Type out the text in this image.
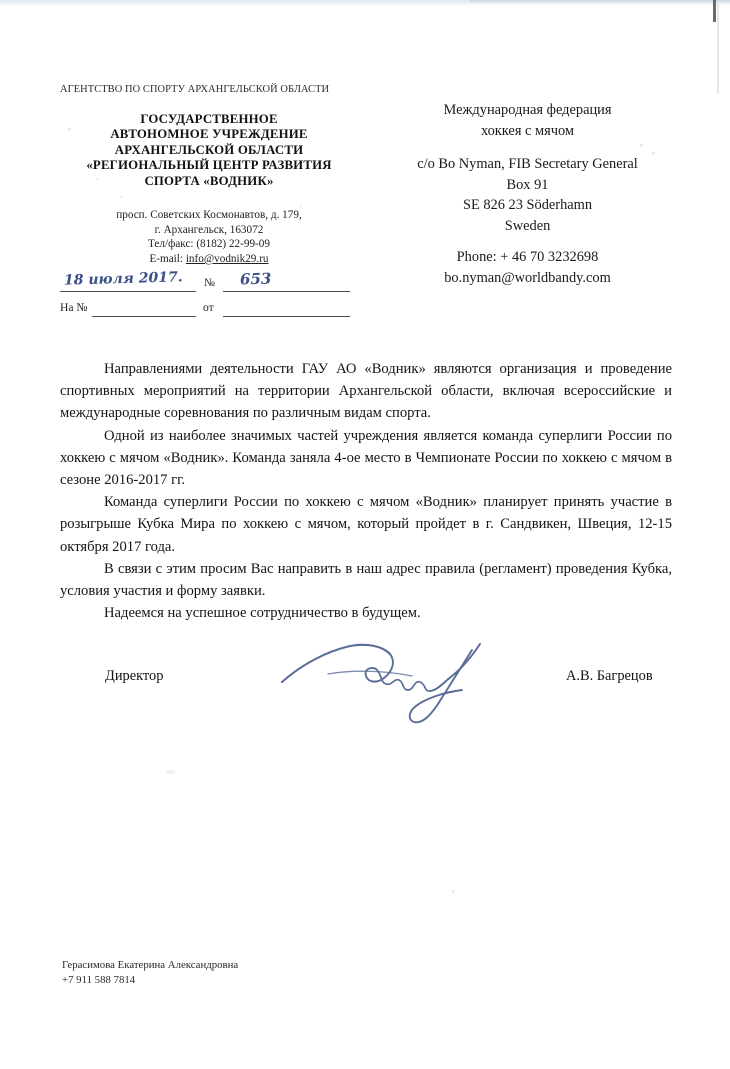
АГЕНТСТВО ПО СПОРТУ АРХАНГЕЛЬСКОЙ ОБЛАСТИ
ГОСУДАРСТВЕННОЕ
АВТОНОМНОЕ УЧРЕЖДЕНИЕ
АРХАНГЕЛЬСКОЙ ОБЛАСТИ
«РЕГИОНАЛЬНЫЙ ЦЕНТР РАЗВИТИЯ
СПОРТА «ВОДНИК»
просп. Советских Космонавтов, д. 179,
г. Архангельск, 163072
Тел/факс: (8182) 22-99-09
E-mail: info@vodnik29.ru
18 июля 2017. № 653
На №	от
Международная федерация
хоккея с мячом
c/o Bo Nyman, FIB Secretary General
Box 91
SE 826 23 Söderhamn
Sweden
Phone: + 46 70 3232698
bo.nyman@worldbandy.com

Направлениями деятельности ГАУ АО «Водник» являются организация и проведение спортивных мероприятий на территории Архангельской области, включая всероссийские и международные соревнования по различным видам спорта.

Одной из наиболее значимых частей учреждения является команда суперлиги России по хоккею с мячом «Водник». Команда заняла 4-ое место в Чемпионате России по хоккею с мячом в сезоне 2016-2017 гг.

Команда суперлиги России по хоккею с мячом «Водник» планирует принять участие в розыгрыше Кубка Мира по хоккею с мячом, который пройдет в г. Сандвикен, Швеция, 12-15 октября 2017 года.

В связи с этим просим Вас направить в наш адрес правила (регламент) проведения Кубка, условия участия и форму заявки.

Надеемся на успешное сотрудничество в будущем.

Директор	А.В. Багрецов
Герасимова Екатерина Александровна
+7 911 588 7814
